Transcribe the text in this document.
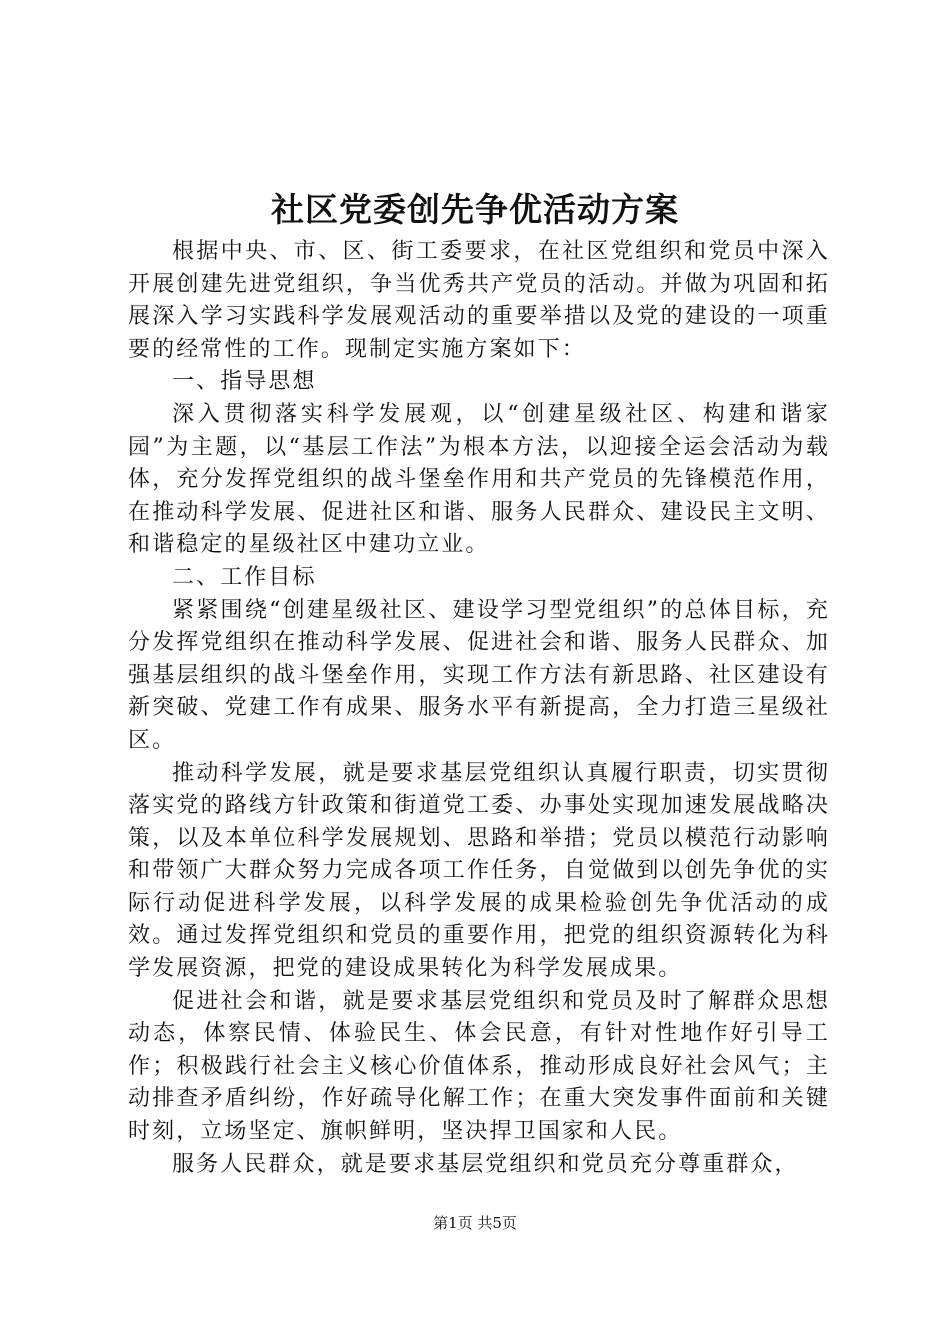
社区党委创先争优活动方案

根据中央、市、区、街工委要求，在社区党组织和党员中深入开展创建先进党组织，争当优秀共产党员的活动。并做为巩固和拓展深入学习实践科学发展观活动的重要举措以及党的建设的一项重要的经常性的工作。现制定实施方案如下：

一、指导思想

深入贯彻落实科学发展观，以“创建星级社区、构建和谐家园”为主题，以“基层工作法”为根本方法，以迎接全运会活动为载体，充分发挥党组织的战斗堡垒作用和共产党员的先锋模范作用，在推动科学发展、促进社区和谐、服务人民群众、建设民主文明、和谐稳定的星级社区中建功立业。

二、工作目标

紧紧围绕“创建星级社区、建设学习型党组织”的总体目标，充分发挥党组织在推动科学发展、促进社会和谐、服务人民群众、加强基层组织的战斗堡垒作用，实现工作方法有新思路、社区建设有新突破、党建工作有成果、服务水平有新提高，全力打造三星级社区。

推动科学发展，就是要求基层党组织认真履行职责，切实贯彻落实党的路线方针政策和街道党工委、办事处实现加速发展战略决策，以及本单位科学发展规划、思路和举措；党员以模范行动影响和带领广大群众努力完成各项工作任务，自觉做到以创先争优的实际行动促进科学发展，以科学发展的成果检验创先争优活动的成效。通过发挥党组织和党员的重要作用，把党的组织资源转化为科学发展资源，把党的建设成果转化为科学发展成果。

促进社会和谐，就是要求基层党组织和党员及时了解群众思想动态，体察民情、体验民生、体会民意，有针对性地作好引导工作；积极践行社会主义核心价值体系，推动形成良好社会风气；主动排查矛盾纠纷，作好疏导化解工作；在重大突发事件面前和关键时刻，立场坚定、旗帜鲜明，坚决捍卫国家和人民。

服务人民群众，就是要求基层党组织和党员充分尊重群众，

第1页 共5页
